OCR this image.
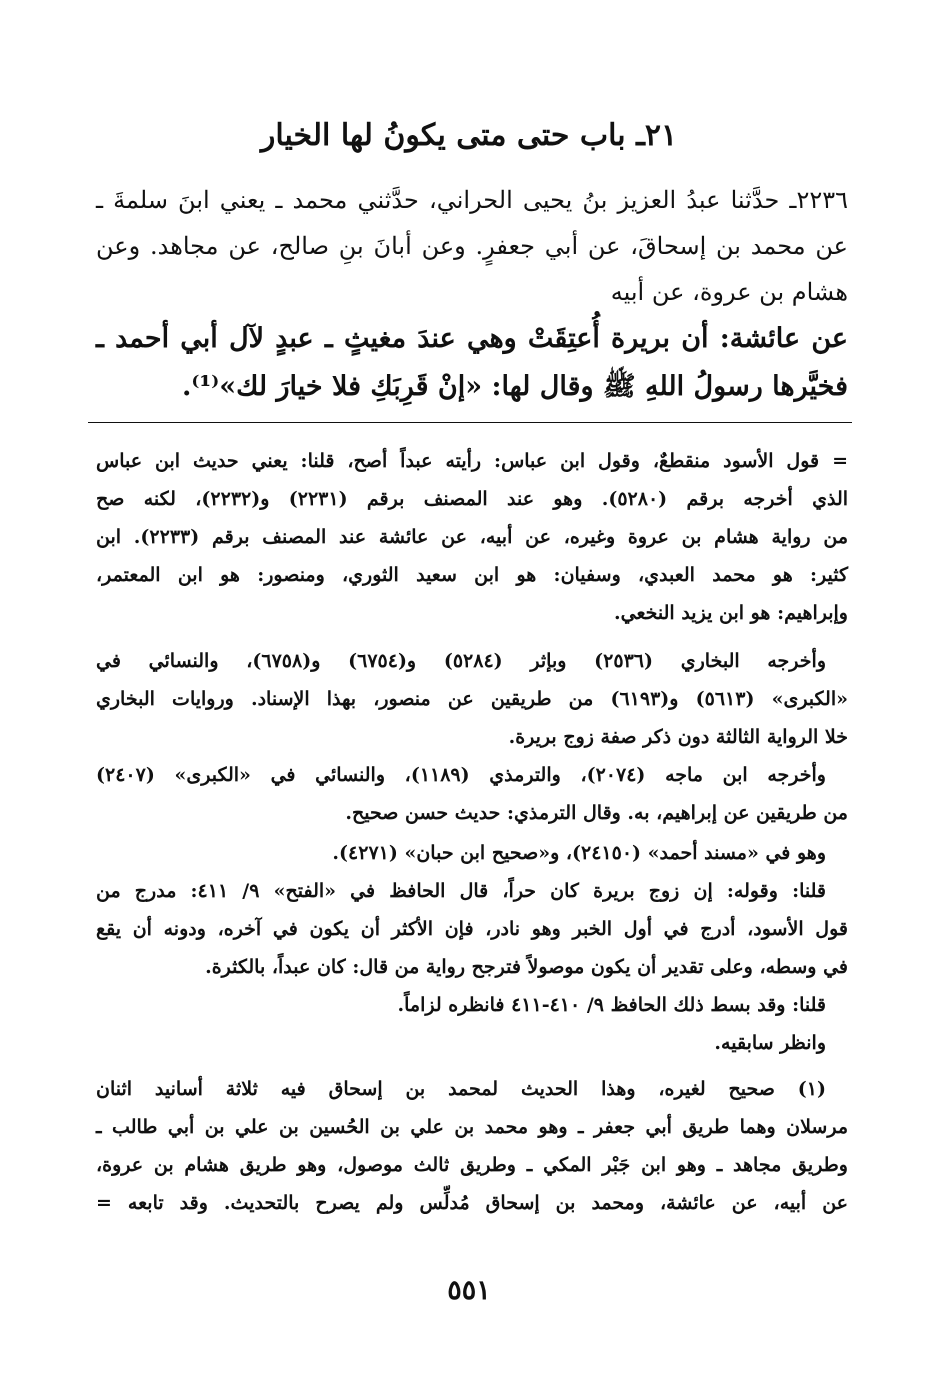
٢١ـ باب حتى متى يكونُ لها الخيار
٢٢٣٦ـ حدَّثنا عبدُ العزيز بنُ يحيى الحراني، حدَّثني محمد ـ يعني ابنَ سلمةَ ـ
عن محمد بن إسحاقَ، عن أبي جعفرٍ. وعن أبانَ بنِ صالح، عن مجاهد. وعن
هشام بن عروة، عن أبيه
عن عائشة: أن بريرة أُعتِقَتْ وهي عندَ مغيثٍ ـ عبدٍ لآل أبي أحمد ـ
فخيَّرها رسولُ اللهِ ﷺ وقال لها: «إنْ قَرِبَكِ فلا خيارَ لك»⁽¹⁾.
= قول الأسود منقطعٌ، وقول ابن عباس: رأيته عبداً أصح، قلنا: يعني حديث ابن عباس
الذي أخرجه برقم (٥٢٨٠). وهو عند المصنف برقم (٢٢٣١) و(٢٢٣٢)، لكنه صح
من رواية هشام بن عروة وغيره، عن أبيه، عن عائشة عند المصنف برقم (٢٢٣٣). ابن
كثير: هو محمد العبدي، وسفيان: هو ابن سعيد الثوري، ومنصور: هو ابن المعتمر،
وإبراهيم: هو ابن يزيد النخعي.
وأخرجه البخاري (٢٥٣٦) وبإثر (٥٢٨٤) و(٦٧٥٤) و(٦٧٥٨)، والنسائي في
«الكبرى» (٥٦١٣) و(٦١٩٣) من طريقين عن منصور، بهذا الإسناد. وروايات البخاري
خلا الرواية الثالثة دون ذكر صفة زوج بريرة.
وأخرجه ابن ماجه (٢٠٧٤)، والترمذي (١١٨٩)، والنسائي في «الكبرى» (٢٤٠٧)
من طريقين عن إبراهيم، به. وقال الترمذي: حديث حسن صحيح.
وهو في «مسند أحمد» (٢٤١٥٠)، و«صحيح ابن حبان» (٤٢٧١).
قلنا: وقوله: إن زوج بريرة كان حراً، قال الحافظ في «الفتح» ٩/ ٤١١: مدرج من
قول الأسود، أدرج في أول الخبر وهو نادر، فإن الأكثر أن يكون في آخره، ودونه أن يقع
في وسطه، وعلى تقدير أن يكون موصولاً فترجح رواية من قال: كان عبداً، بالكثرة.
قلنا: وقد بسط ذلك الحافظ ٩/ ٤١٠-٤١١ فانظره لزاماً.
وانظر سابقيه.
(١) صحيح لغيره، وهذا الحديث لمحمد بن إسحاق فيه ثلاثة أسانيد اثنان
مرسلان وهما طريق أبي جعفر ـ وهو محمد بن علي بن الحُسين بن علي بن أبي طالب ـ
وطريق مجاهد ـ وهو ابن جَبْر المكي ـ وطريق ثالث موصول، وهو طريق هشام بن عروة،
عن أبيه، عن عائشة، ومحمد بن إسحاق مُدلِّس ولم يصرح بالتحديث. وقد تابعه =
٥٥١
